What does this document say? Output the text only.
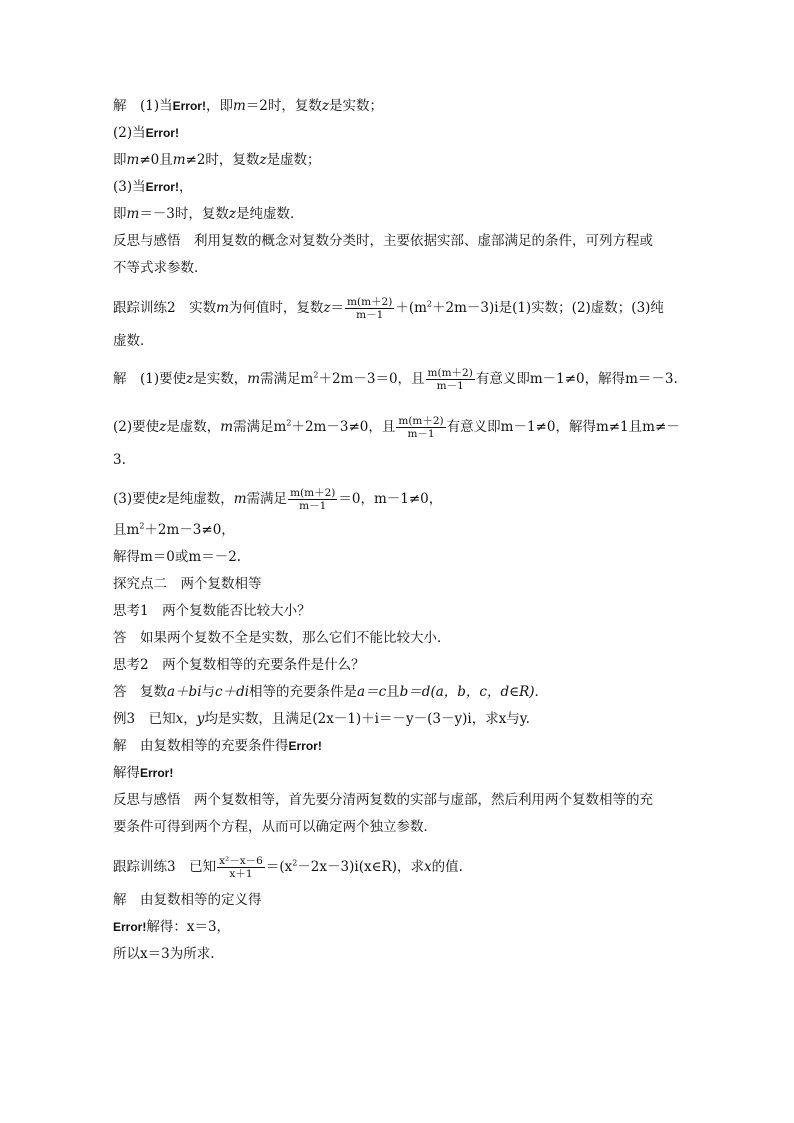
解　(1)当Error!，即m＝2时，复数z是实数；
(2)当Error!
即m≠0且m≠2时，复数z是虚数；
(3)当Error!，
即m＝－3时，复数z是纯虚数．
反思与感悟　利用复数的概念对复数分类时，主要依据实部、虚部满足的条件，可列方程或
不等式求参数．
跟踪训练2　实数m为何值时，复数$z= \frac{m(m+2)}{m-1} +(m^2+2m-3)i$是(1)实数；(2)虚数；(3)纯
虚数．
解　(1)要使z是实数，m需满足$m^2+2m-3=0$，且 $\frac{m(m+2)}{m-1}$ 有意义即m－1≠0，解得m＝－3.
(2)要使z是虚数，m需满足$m^2+2m-3\ne 0$，且 $\frac{m(m+2)}{m-1}$ 有意义即m－1≠0，解得m≠1且m≠－
3.
(3)要使z是纯虚数，m需满足 $\frac{m(m+2)}{m-1} =0$，m－1≠0，
且$m^2+2m-3\ne 0$，
解得m＝0或m＝－2.
探究点二　两个复数相等
思考1　两个复数能否比较大小？
答　如果两个复数不全是实数，那么它们不能比较大小．
思考2　两个复数相等的充要条件是什么？
答　复数a＋bi与c＋di相等的充要条件是a＝c且b＝d(a，b，c，d∈R)．
例3　已知x，y均是实数，且满足(2x－1)＋i＝－y－(3－y)i，求x与y.
解　由复数相等的充要条件得Error!
解得Error!
反思与感悟　两个复数相等，首先要分清两复数的实部与虚部，然后利用两个复数相等的充
要条件可得到两个方程，从而可以确定两个独立参数．
跟踪训练3　已知 $\frac{\text{x²－x－6}}{x+1}$ $=(x^2-2x-3)i(x\in R)$，求x的值.
解　由复数相等的定义得
Error!解得：x＝3，
所以x＝3为所求.
